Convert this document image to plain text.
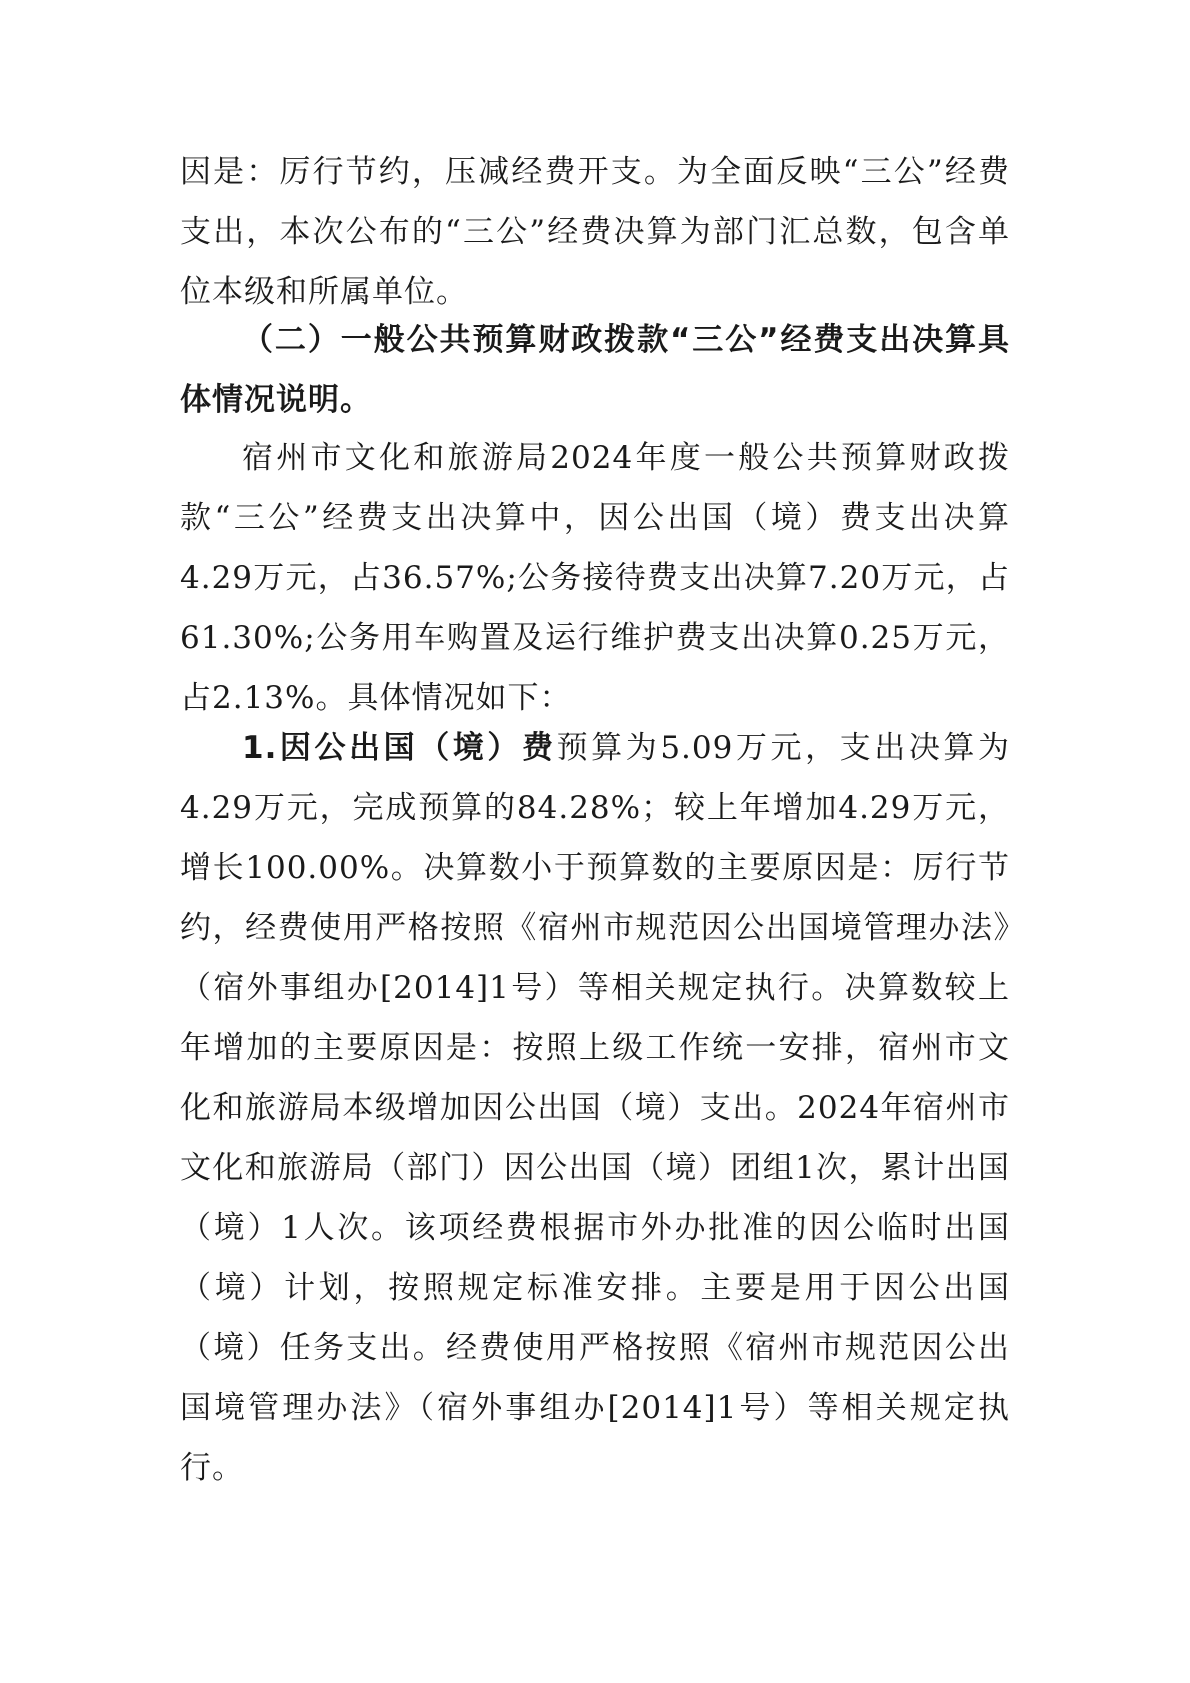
因是：厉行节约，压减经费开支。为全面反映“三公”经费支出，本次公布的“三公”经费决算为部门汇总数，包含单位本级和所属单位。

（二）一般公共预算财政拨款“三公”经费支出决算具体情况说明。

宿州市文化和旅游局2024年度一般公共预算财政拨款“三公”经费支出决算中，因公出国（境）费支出决算4.29万元，占36.57%;公务接待费支出决算7.20万元，占61.30%;公务用车购置及运行维护费支出决算0.25万元，占2.13%。具体情况如下：

1.因公出国（境）费预算为5.09万元，支出决算为4.29万元，完成预算的84.28%；较上年增加4.29万元，增长100.00%。决算数小于预算数的主要原因是：厉行节约，经费使用严格按照《宿州市规范因公出国境管理办法》（宿外事组办[2014]1号）等相关规定执行。决算数较上年增加的主要原因是：按照上级工作统一安排，宿州市文化和旅游局本级增加因公出国（境）支出。2024年宿州市文化和旅游局（部门）因公出国（境）团组1次，累计出国（境）1人次。该项经费根据市外办批准的因公临时出国（境）计划，按照规定标准安排。主要是用于因公出国（境）任务支出。经费使用严格按照《宿州市规范因公出国境管理办法》（宿外事组办[2014]1号）等相关规定执行。
